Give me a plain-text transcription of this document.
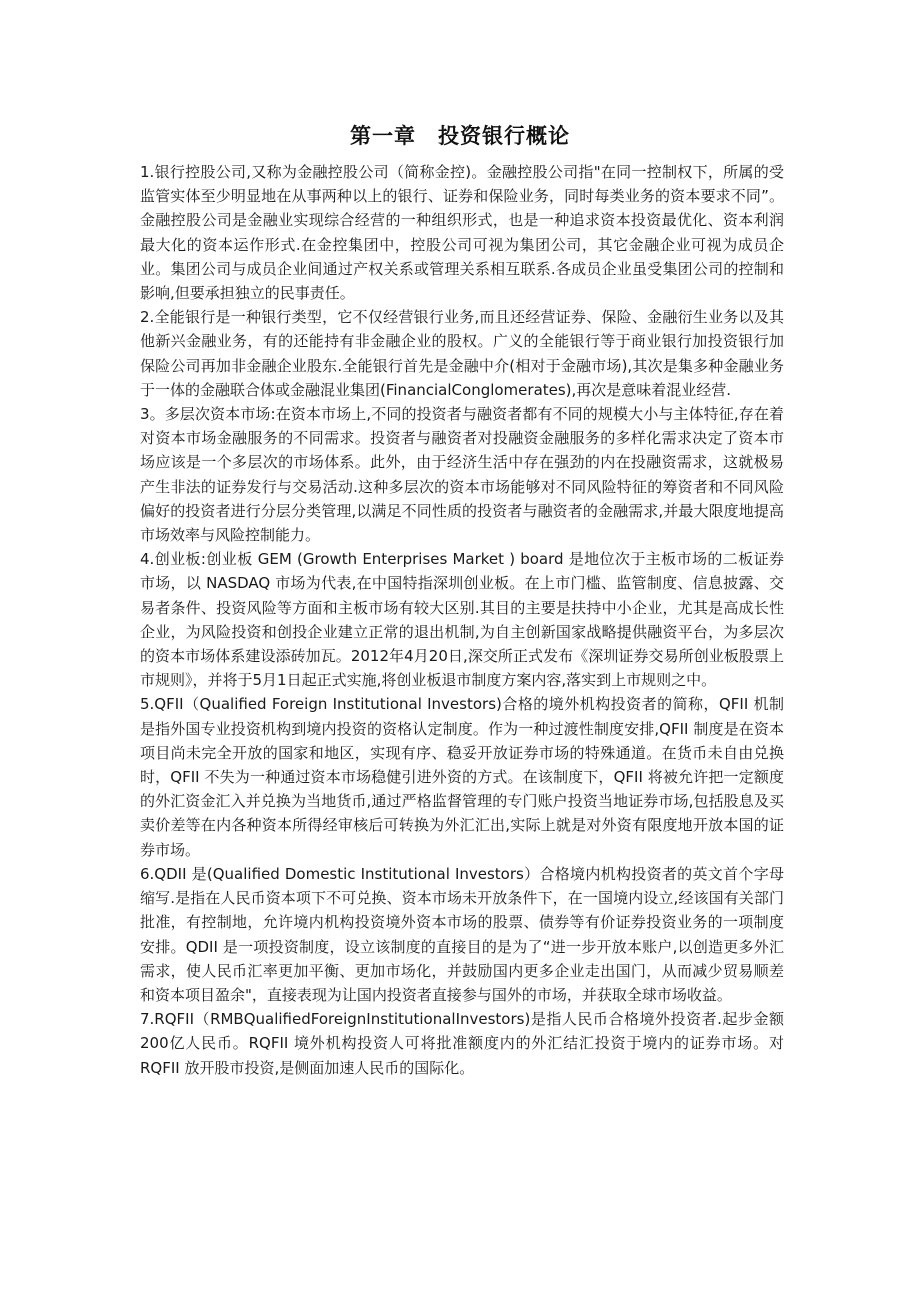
第一章　投资银行概论

1.银行控股公司,又称为金融控股公司（简称金控)。金融控股公司指"在同一控制权下，所属的受监管实体至少明显地在从事两种以上的银行、证券和保险业务，同时每类业务的资本要求不同”。金融控股公司是金融业实现综合经营的一种组织形式，也是一种追求资本投资最优化、资本利润最大化的资本运作形式.在金控集团中，控股公司可视为集团公司，其它金融企业可视为成员企业。集团公司与成员企业间通过产权关系或管理关系相互联系.各成员企业虽受集团公司的控制和影响,但要承担独立的民事责任。

2.全能银行是一种银行类型，它不仅经营银行业务,而且还经营证券、保险、金融衍生业务以及其他新兴金融业务，有的还能持有非金融企业的股权。广义的全能银行等于商业银行加投资银行加保险公司再加非金融企业股东.全能银行首先是金融中介(相对于金融市场),其次是集多种金融业务于一体的金融联合体或金融混业集团(FinancialConglomerates),再次是意味着混业经营.

3。多层次资本市场:在资本市场上,不同的投资者与融资者都有不同的规模大小与主体特征,存在着对资本市场金融服务的不同需求。投资者与融资者对投融资金融服务的多样化需求决定了资本市场应该是一个多层次的市场体系。此外，由于经济生活中存在强劲的内在投融资需求，这就极易产生非法的证券发行与交易活动.这种多层次的资本市场能够对不同风险特征的筹资者和不同风险偏好的投资者进行分层分类管理,以满足不同性质的投资者与融资者的金融需求,并最大限度地提高市场效率与风险控制能力。

4.创业板:创业板 GEM (Growth Enterprises Market ) board 是地位次于主板市场的二板证券市场，以 NASDAQ 市场为代表,在中国特指深圳创业板。在上市门槛、监管制度、信息披露、交易者条件、投资风险等方面和主板市场有较大区别.其目的主要是扶持中小企业，尤其是高成长性企业，为风险投资和创投企业建立正常的退出机制,为自主创新国家战略提供融资平台，为多层次的资本市场体系建设添砖加瓦。2012年4月20日,深交所正式发布《深圳证券交易所创业板股票上市规则》，并将于5月1日起正式实施,将创业板退市制度方案内容,落实到上市规则之中。

5.QFII（Qualified Foreign Institutional Investors)合格的境外机构投资者的简称，QFII 机制是指外国专业投资机构到境内投资的资格认定制度。作为一种过渡性制度安排,QFII 制度是在资本项目尚未完全开放的国家和地区，实现有序、稳妥开放证券市场的特殊通道。在货币未自由兑换时，QFII 不失为一种通过资本市场稳健引进外资的方式。在该制度下，QFII 将被允许把一定额度的外汇资金汇入并兑换为当地货币,通过严格监督管理的专门账户投资当地证券市场,包括股息及买卖价差等在内各种资本所得经审核后可转换为外汇汇出,实际上就是对外资有限度地开放本国的证券市场。

6.QDII 是(Qualified Domestic Institutional Investors）合格境内机构投资者的英文首个字母缩写.是指在人民币资本项下不可兑换、资本市场未开放条件下，在一国境内设立,经该国有关部门批准，有控制地，允许境内机构投资境外资本市场的股票、债券等有价证券投资业务的一项制度安排。QDII 是一项投资制度，设立该制度的直接目的是为了“进一步开放本账户,以创造更多外汇需求，使人民币汇率更加平衡、更加市场化，并鼓励国内更多企业走出国门，从而减少贸易顺差和资本项目盈余"，直接表现为让国内投资者直接参与国外的市场，并获取全球市场收益。

7.RQFII（RMBQualifiedForeignInstitutionalInvestors)是指人民币合格境外投资者.起步金额200亿人民币。RQFII 境外机构投资人可将批准额度内的外汇结汇投资于境内的证券市场。对 RQFII 放开股市投资,是侧面加速人民币的国际化。
